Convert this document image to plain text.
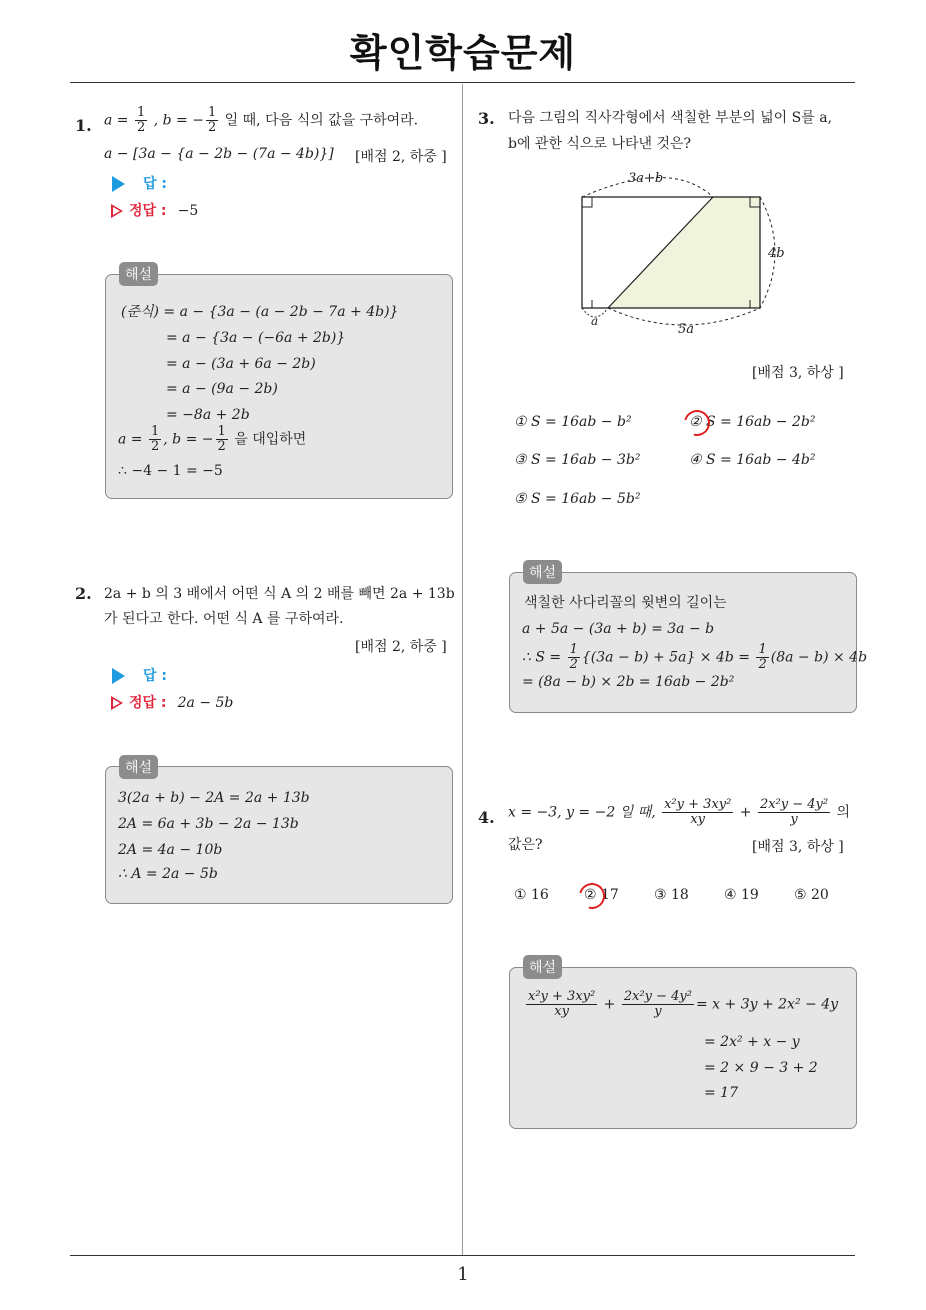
확인학습문제
1. $a = \frac{1}{2}$ , b = − $\frac{1}{2}$ 일 때, 다음 식의 값을 구하여라.
a − [3a − {a − 2b − (7a − 4b)}] [배점 2, 하중 ]
답 :
정답 : −5
(준식) = a − {3a − (a − 2b − 7a + 4b)}
= a − {3a − (−6a + 2b)}
= a − (3a + 6a − 2b)
= a − (9a − 2b)
= −8a + 2b
$a = \frac{1}{2}$ , b = − $\frac{1}{2}$ 을 대입하면
∴ −4 − 1 = −5
해설
2. 2a + b 의 3 배에서 어떤 식 A 의 2 배를 빼면 2a + 13b
가 된다고 한다. 어떤 식 A 를 구하여라.
[배점 2, 하중 ]
답 :
정답 : 2a − 5b
3(2a + b) − 2A = 2a + 13b
2A = 6a + 3b − 2a − 13b
2A = 4a − 10b
∴ A = 2a − 5b
해설
3. 다음 그림의 직사각형에서 색칠한 부분의 넓이 S를 a,
b에 관한 식으로 나타낸 것은?
3a+b
4b
5a
a
[배점 3, 하상 ]
① S = 16ab − b²	② S = 16ab − 2b²
③ S = 16ab − 3b²	④ S = 16ab − 4b²
⑤ S = 16ab − 5b²
색칠한 사다리꼴의 윗변의 길이는
a + 5a − (3a + b) = 3a − b
∴ $S = \frac{1}{2} \{(3a - b) + 5a\} \times 4b = \frac{1}{2} (8a - b) \times 4b$
= (8a − b) × 2b = 16ab − 2b²
해설
4. x = −3, y = −2 일 때, $\frac{\text{x²y + 3xy²}}{xy} + \frac{\text{2x²y − 4y²}}{y}$ 의
값은?	[배점 3, 하상 ]
① 16	② 17	③ 18	④ 19	⑤ 20
$\frac{\text{x²y + 3xy²}}{xy} + \frac{\text{2x²y − 4y²}}{y} = x + 3y + 2x^2 - 4y$
= 2x² + x − y
= 2 × 9 − 3 + 2
= 17
해설
1
